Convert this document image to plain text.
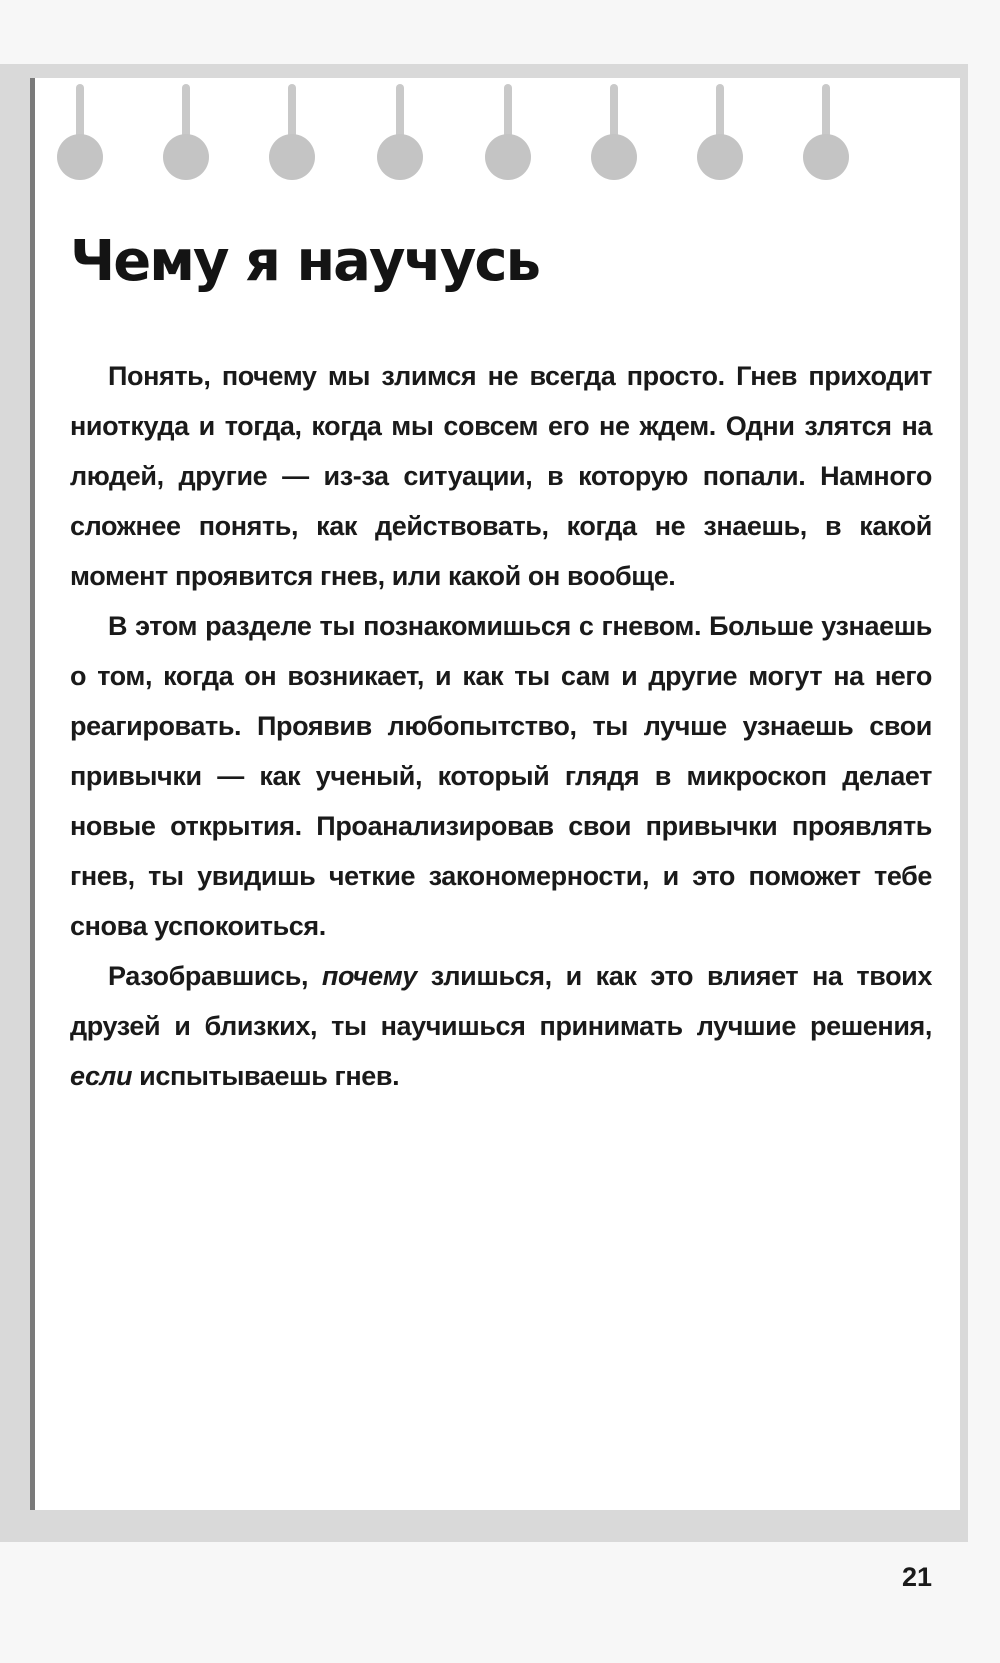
Чему я научусь

Понять, почему мы злимся не всегда просто. Гнев приходит ниоткуда и тогда, когда мы совсем его не ждем. Одни злятся на людей, другие — из-за ситуации, в которую попали. Намного сложнее понять, как действовать, когда не знаешь, в какой момент проявится гнев, или какой он вообще.

В этом разделе ты познакомишься с гневом. Больше узнаешь о том, когда он возникает, и как ты сам и другие могут на него реагировать. Проявив любопытство, ты лучше узнаешь свои привычки — как ученый, который глядя в микроскоп делает новые открытия. Проанализировав свои привычки проявлять гнев, ты увидишь четкие закономерности, и это поможет тебе снова успокоиться.

Разобравшись, почему злишься, и как это влияет на твоих друзей и близких, ты научишься принимать лучшие решения, если испытываешь гнев.

21
